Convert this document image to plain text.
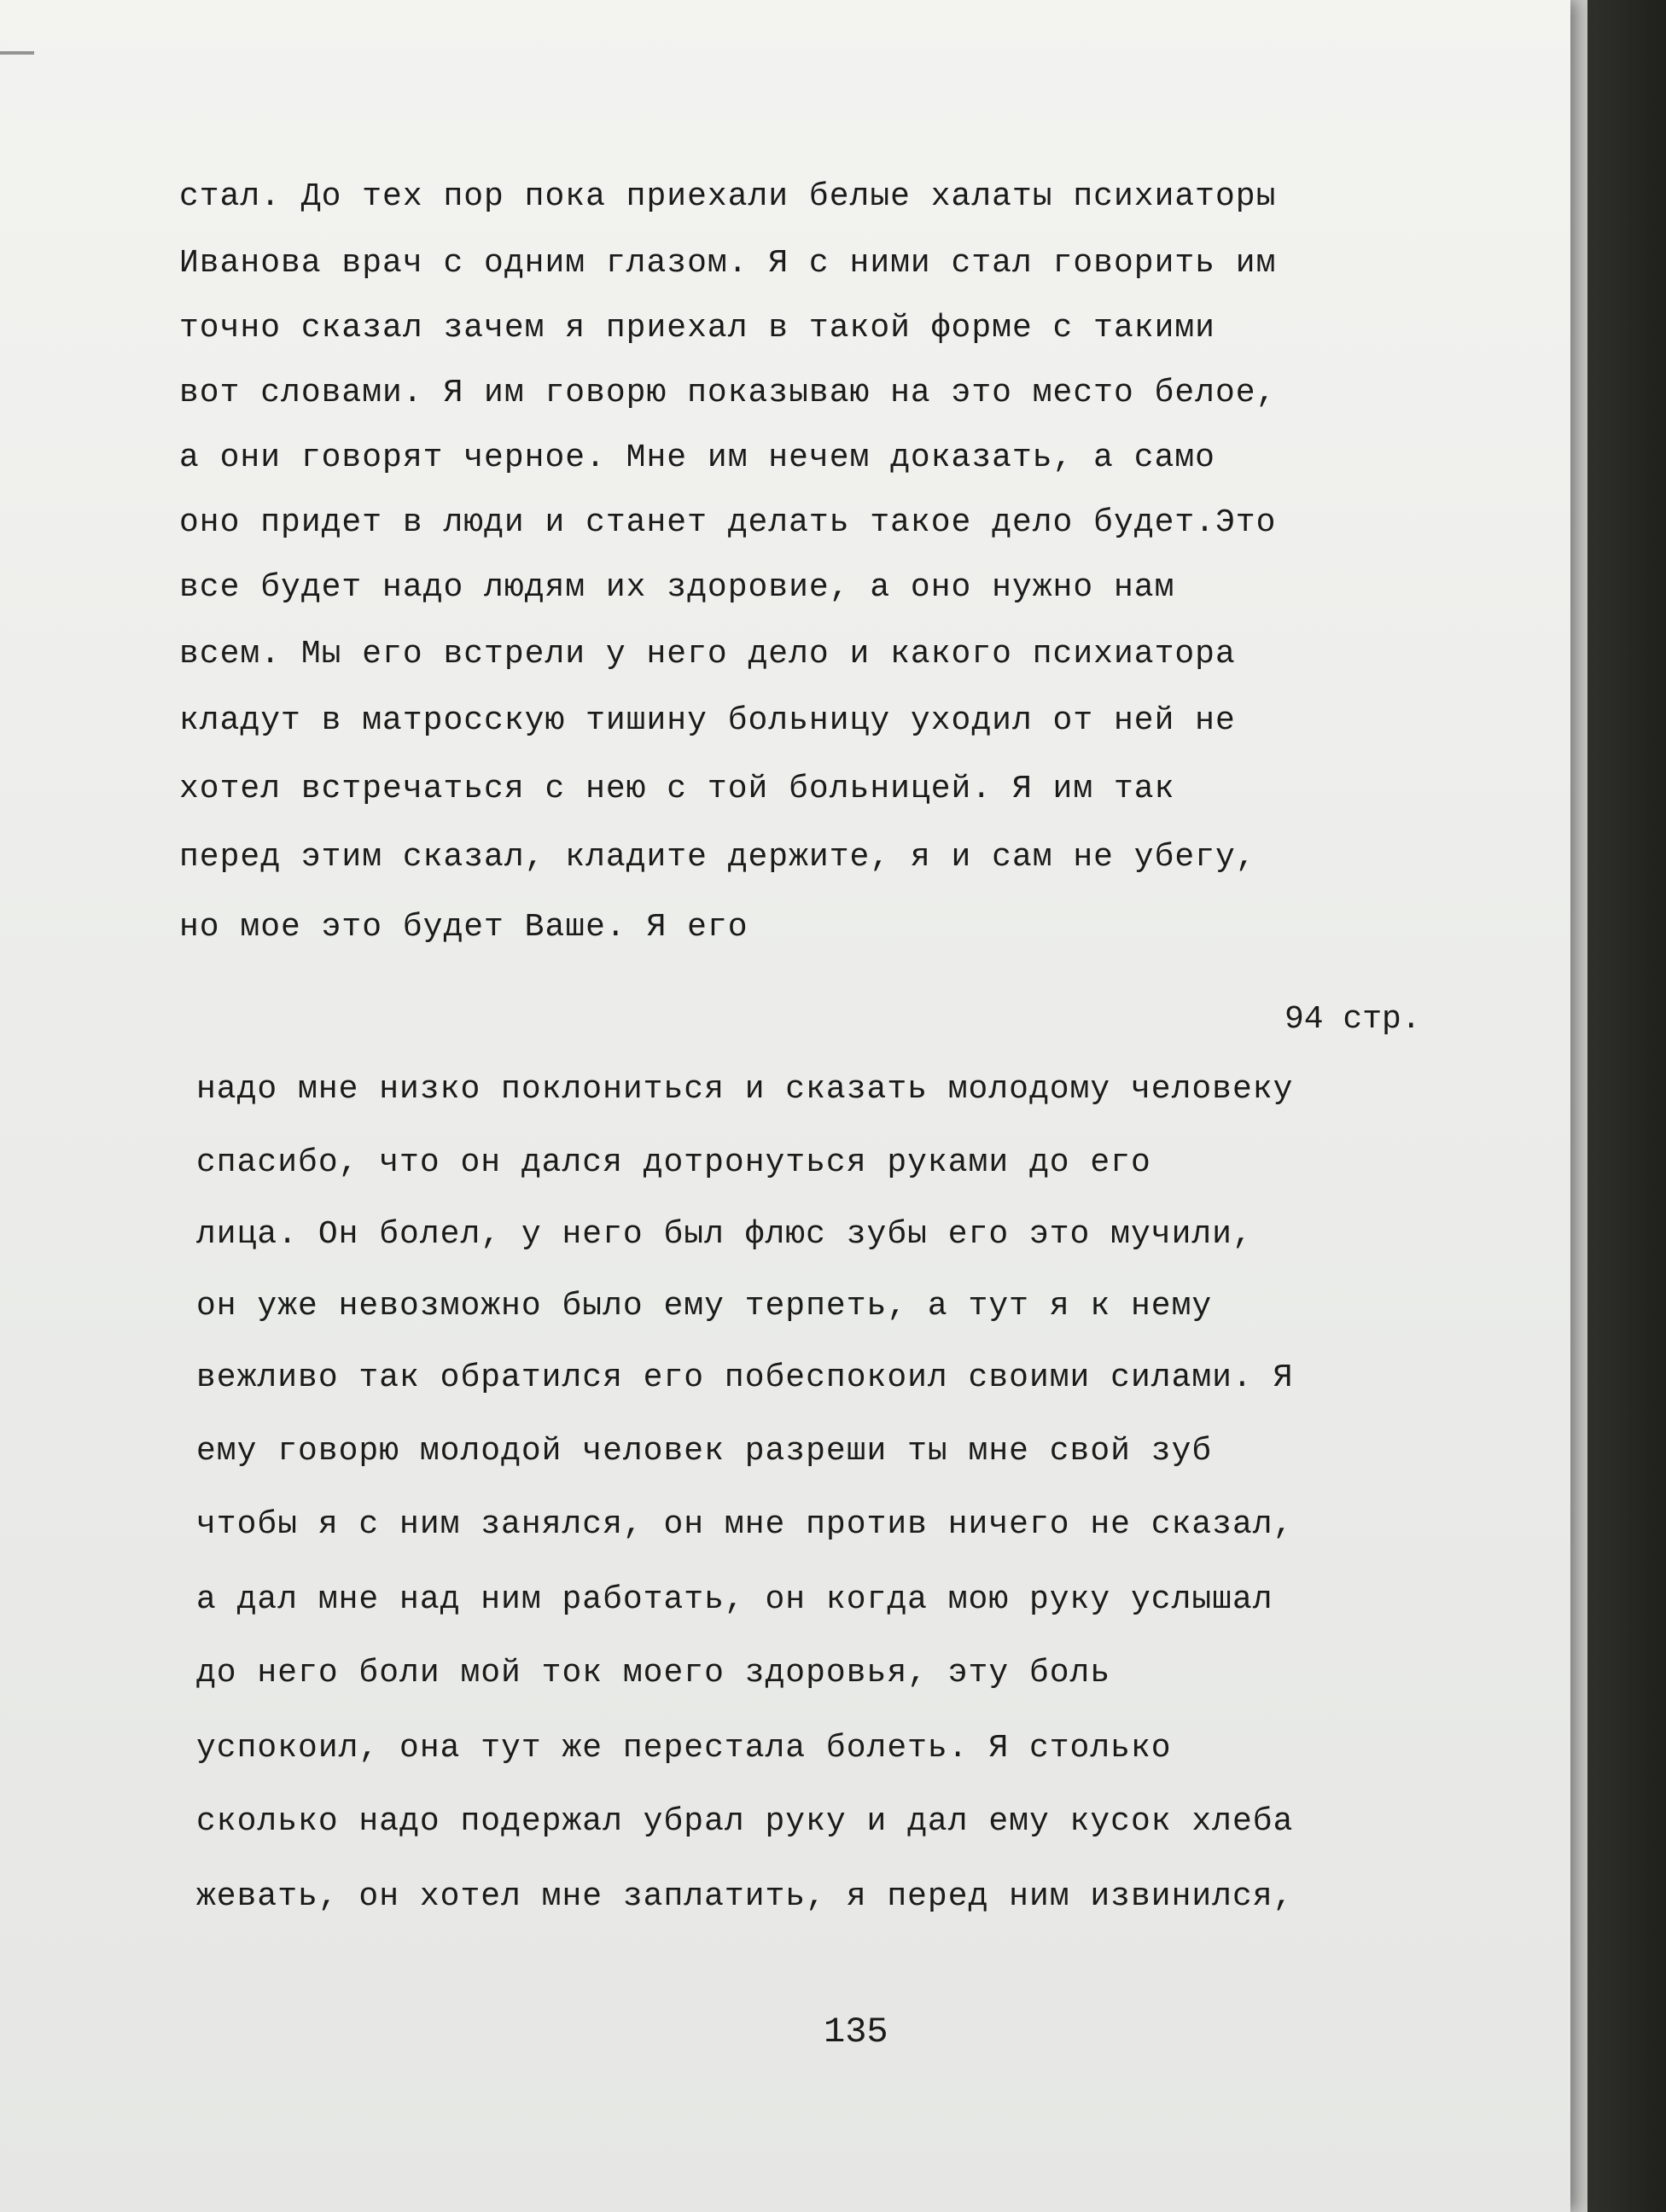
стал. До тех пор пока приехали белые халаты психиаторы
Иванова врач с одним глазом. Я с ними стал говорить им
точно сказал зачем я приехал в такой форме с такими
вот словами. Я им говорю показываю на это место белое,
а они говорят черное. Мне им нечем доказать, а само
оно придет в люди и станет делать такое дело будет.Это
все будет надо людям их здоровие, а оно нужно нам
всем. Мы его встрели у него дело и какого психиатора
кладут в матросскую тишину больницу уходил от ней не
хотел встречаться с нею с той больницей. Я им так
перед этим сказал, кладите держите, я и сам не убегу,
но мое это будет Ваше. Я его
94 стр.
надо мне низко поклониться и сказать молодому человеку
спасибо, что он дался дотронуться руками до его
лица. Он болел, у него был флюс зубы его это мучили,
он уже невозможно было ему терпеть, а тут я к нему
вежливо так обратился его побеспокоил своими силами. Я
ему говорю молодой человек разреши ты мне свой зуб
чтобы я с ним занялся, он мне против ничего не сказал,
а дал мне над ним работать, он когда мою руку услышал
до него боли мой ток моего здоровья, эту боль
успокоил, она тут же перестала болеть. Я столько
сколько надо подержал убрал руку и дал ему кусок хлеба
жевать, он хотел мне заплатить, я перед ним извинился,
135
